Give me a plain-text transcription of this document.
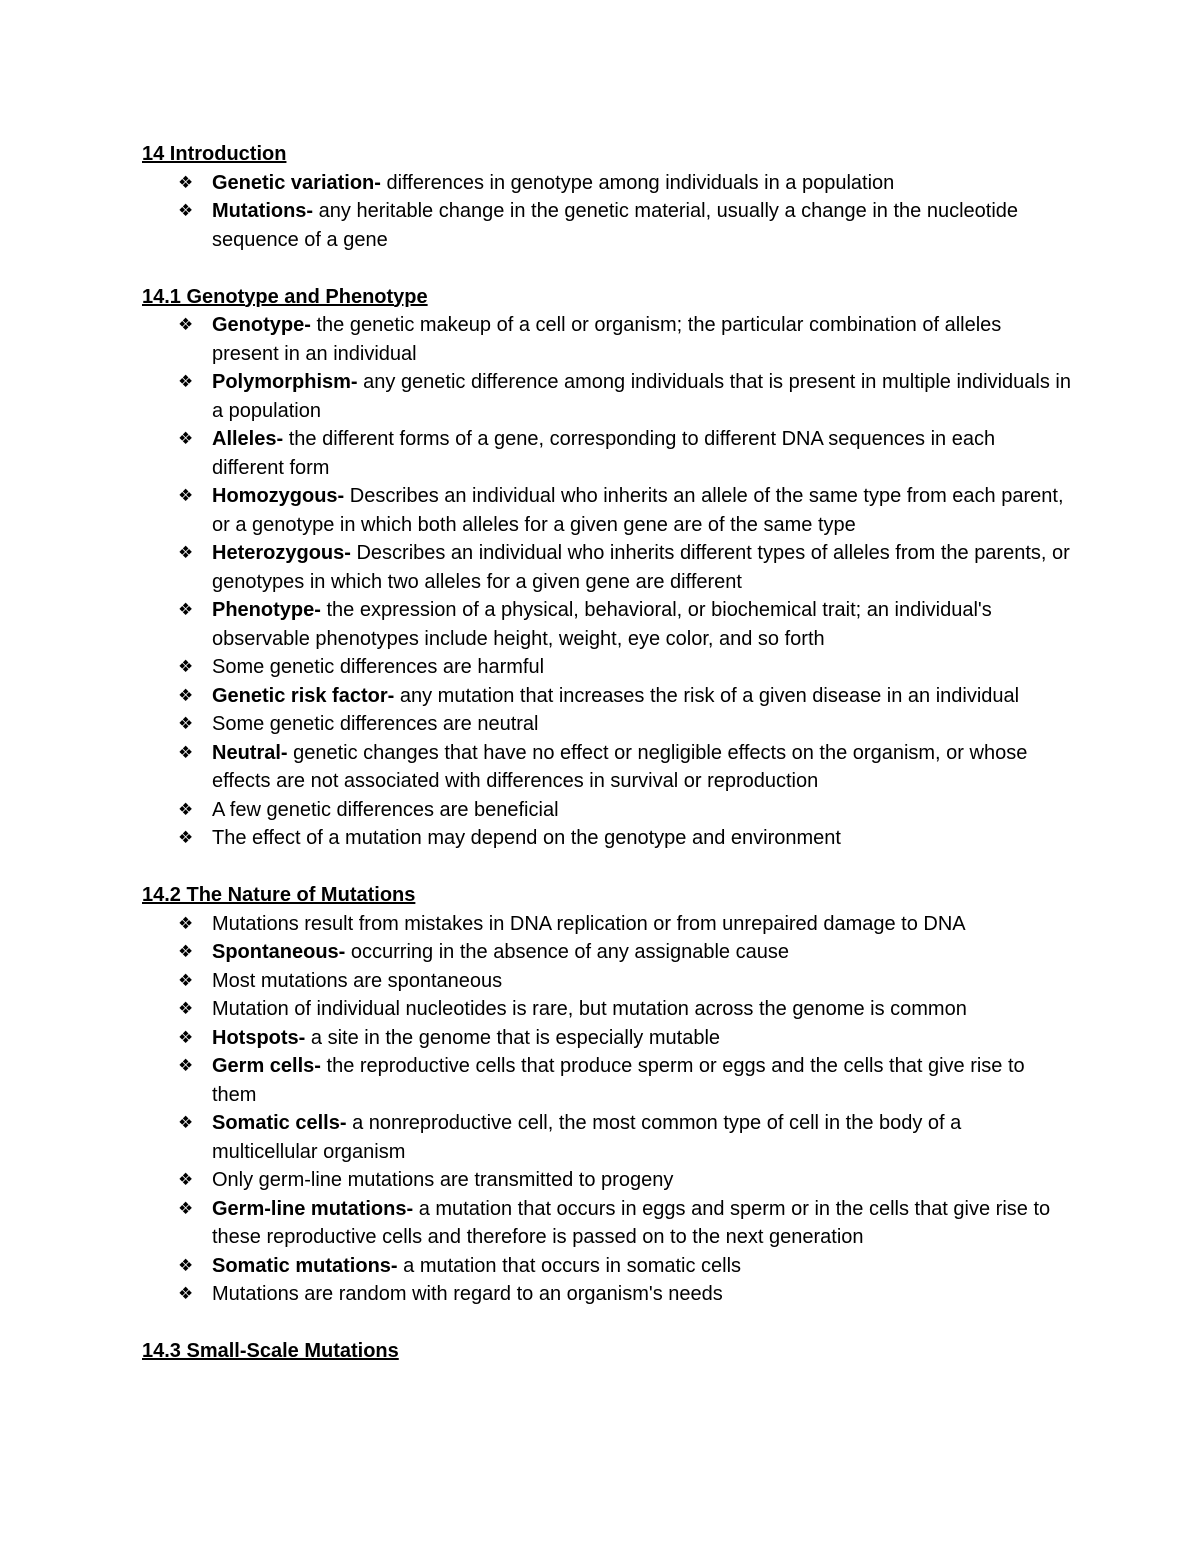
14 Introduction
❖ Genetic variation- differences in genotype among individuals in a population
❖ Mutations- any heritable change in the genetic material, usually a change in the nucleotide sequence of a gene
14.1 Genotype and Phenotype
❖ Genotype- the genetic makeup of a cell or organism; the particular combination of alleles present in an individual
❖ Polymorphism- any genetic difference among individuals that is present in multiple individuals in a population
❖ Alleles- the different forms of a gene, corresponding to different DNA sequences in each different form
❖ Homozygous- Describes an individual who inherits an allele of the same type from each parent, or a genotype in which both alleles for a given gene are of the same type
❖ Heterozygous- Describes an individual who inherits different types of alleles from the parents, or genotypes in which two alleles for a given gene are different
❖ Phenotype- the expression of a physical, behavioral, or biochemical trait; an individual's observable phenotypes include height, weight, eye color, and so forth
❖ Some genetic differences are harmful
❖ Genetic risk factor- any mutation that increases the risk of a given disease in an individual
❖ Some genetic differences are neutral
❖ Neutral- genetic changes that have no effect or negligible effects on the organism, or whose effects are not associated with differences in survival or reproduction
❖ A few genetic differences are beneficial
❖ The effect of a mutation may depend on the genotype and environment
14.2 The Nature of Mutations
❖ Mutations result from mistakes in DNA replication or from unrepaired damage to DNA
❖ Spontaneous- occurring in the absence of any assignable cause
❖ Most mutations are spontaneous
❖ Mutation of individual nucleotides is rare, but mutation across the genome is common
❖ Hotspots- a site in the genome that is especially mutable
❖ Germ cells- the reproductive cells that produce sperm or eggs and the cells that give rise to them
❖ Somatic cells- a nonreproductive cell, the most common type of cell in the body of a multicellular organism
❖ Only germ-line mutations are transmitted to progeny
❖ Germ-line mutations- a mutation that occurs in eggs and sperm or in the cells that give rise to these reproductive cells and therefore is passed on to the next generation
❖ Somatic mutations- a mutation that occurs in somatic cells
❖ Mutations are random with regard to an organism's needs
14.3 Small-Scale Mutations
